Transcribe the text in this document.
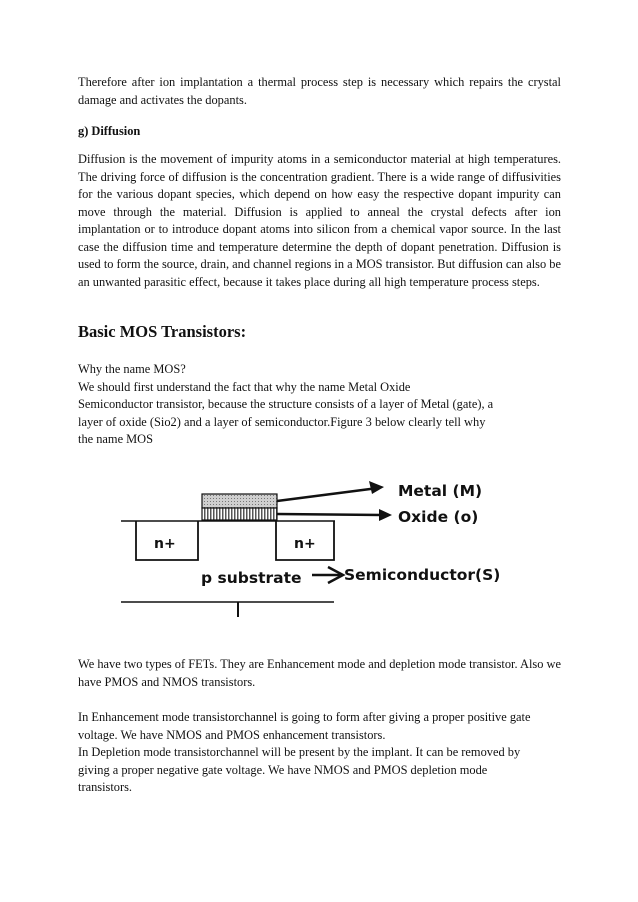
Therefore after ion implantation a thermal process step is necessary which repairs the crystal damage and activates the dopants.

g) Diffusion

Diffusion is the movement of impurity atoms in a semiconductor material at high temperatures. The driving force of diffusion is the concentration gradient. There is a wide range of diffusivities for the various dopant species, which depend on how easy the respective dopant impurity can move through the material. Diffusion is applied to anneal the crystal defects after ion implantation or to introduce dopant atoms into silicon from a chemical vapor source. In the last case the diffusion time and temperature determine the depth of dopant penetration. Diffusion is used to form the source, drain, and channel regions in a MOS transistor. But diffusion can also be an unwanted parasitic effect, because it takes place during all high temperature process steps.

Basic MOS Transistors:

Why the name MOS?
We should first understand the fact that why the name Metal Oxide
Semiconductor transistor, because the structure consists of a layer of Metal (gate), a
layer of oxide (Sio2) and a layer of semiconductor.Figure 3 below clearly tell why
the name MOS
n+	n+
Metal (M)
Oxide (o)
p substrate	Semiconductor(S)

We have two types of FETs. They are Enhancement mode and depletion mode transistor. Also we have PMOS and NMOS transistors.

In Enhancement mode transistorchannel is going to form after giving a proper positive gate
voltage. We have NMOS and PMOS enhancement transistors.
In Depletion mode transistorchannel will be present by the implant. It can be removed by
giving a proper negative gate voltage. We have NMOS and PMOS depletion mode
transistors.
